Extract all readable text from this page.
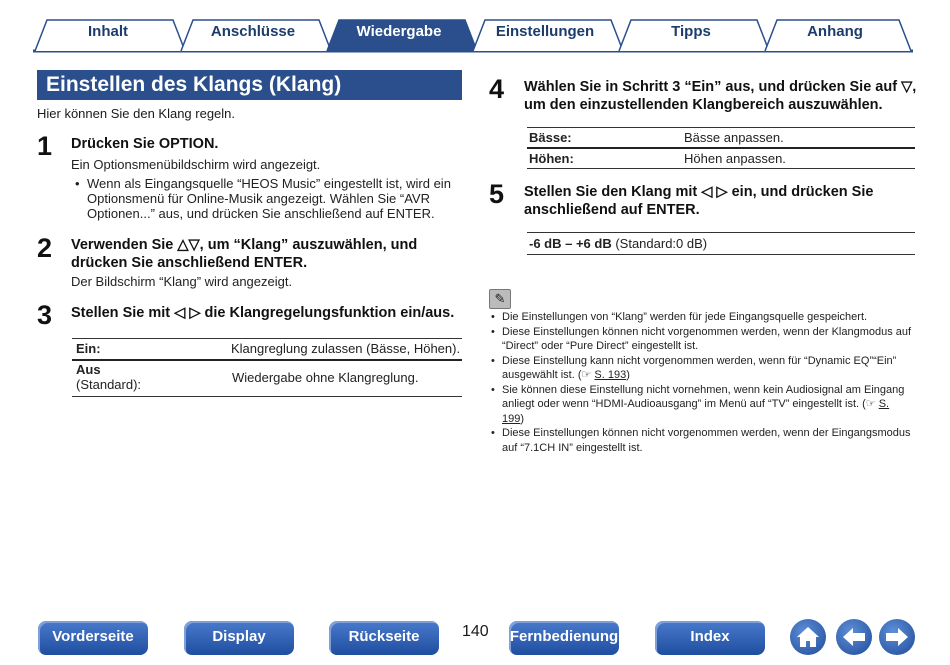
Inhalt	Anschlüsse	Wiedergabe	Einstellungen	Tipps	Anhang
Einstellen des Klangs (Klang)
Hier können Sie den Klang regeln.
1 Drücken Sie OPTION.
Ein Optionsmenübildschirm wird angezeigt.
• Wenn als Eingangsquelle “HEOS Music” eingestellt ist, wird ein Optionsmenü für Online-Musik angezeigt. Wählen Sie “AVR Optionen...” aus, und drücken Sie anschließend auf ENTER.
2 Verwenden Sie △▽, um “Klang” auszuwählen, und drücken Sie anschließend ENTER.
Der Bildschirm “Klang” wird angezeigt.
3 Stellen Sie mit ◁ ▷ die Klangregelungsfunktion ein/aus.
Ein:	Klangreglung zulassen (Bässe, Höhen).
Aus
(Standard):	Wiedergabe ohne Klangreglung.
4 Wählen Sie in Schritt 3 “Ein” aus, und drücken Sie auf ▽, um den einzustellenden Klangbereich auszuwählen.
Bässe:	Bässe anpassen.
Höhen:	Höhen anpassen.
5 Stellen Sie den Klang mit ◁ ▷ ein, und drücken Sie anschließend auf ENTER.
-6 dB – +6 dB (Standard:0 dB)
✎
• Die Einstellungen von “Klang” werden für jede Eingangsquelle gespeichert.
• Diese Einstellungen können nicht vorgenommen werden, wenn der Klangmodus auf “Direct” oder “Pure Direct” eingestellt ist.
• Diese Einstellung kann nicht vorgenommen werden, wenn für “Dynamic EQ”“Ein” ausgewählt ist. (☞ S. 193)
• Sie können diese Einstellung nicht vornehmen, wenn kein Audiosignal am Eingang anliegt oder wenn “HDMI-Audioausgang” im Menü auf “TV” eingestellt ist. (☞ S. 199)
• Diese Einstellungen können nicht vorgenommen werden, wenn der Eingangsmodus auf “7.1CH IN” eingestellt ist.
Vorderseite	Display	Rückseite	140 Fernbedienung	Index
